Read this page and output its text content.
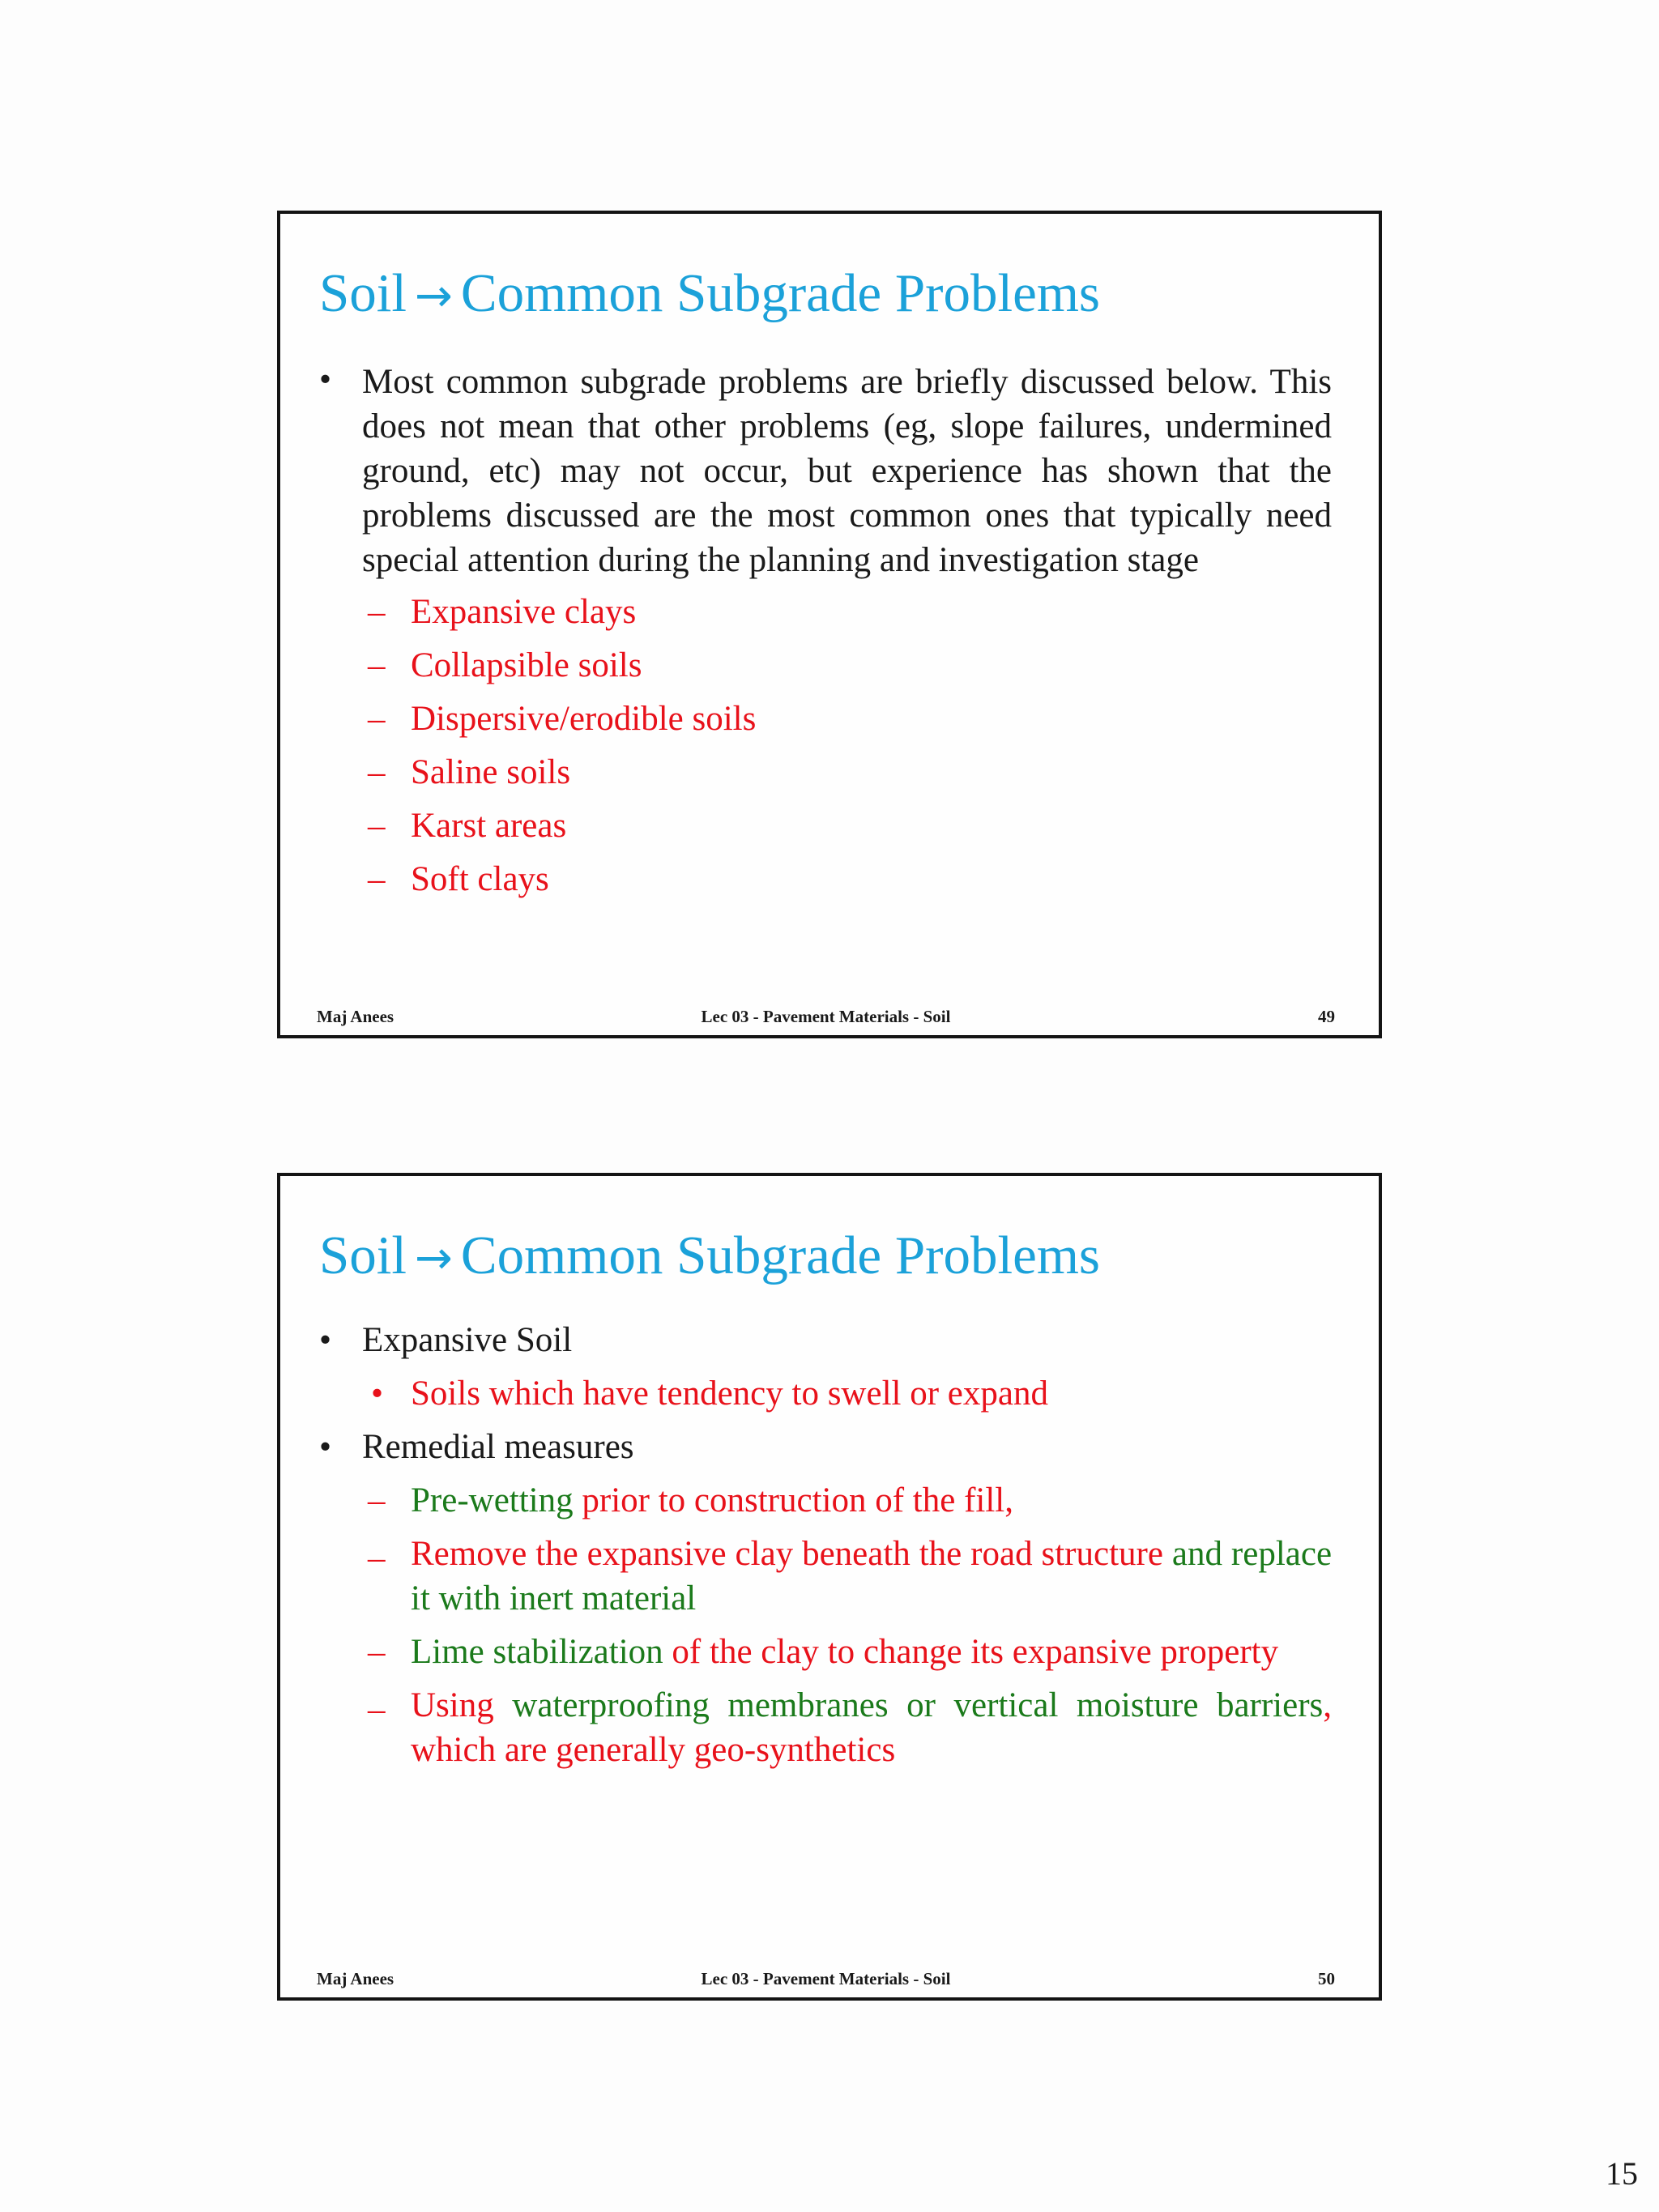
Soil → Common Subgrade Problems
• Most common subgrade problems are briefly discussed below. This does not mean that other problems (eg, slope failures, undermined ground, etc) may not occur, but experience has shown that the problems discussed are the most common ones that typically need special attention during the planning and investigation stage
– Expansive clays
– Collapsible soils
– Dispersive/erodible soils
– Saline soils
– Karst areas
– Soft clays
Maj Anees	Lec 03 - Pavement Materials - Soil	49
Soil → Common Subgrade Problems
• Expansive Soil
• Soils which have tendency to swell or expand
• Remedial measures
– Pre-wetting prior to construction of the fill,
– Remove the expansive clay beneath the road structure and replace it with inert material
– Lime stabilization of the clay to change its expansive property
– Using waterproofing membranes or vertical moisture barriers, which are generally geo-synthetics
Maj Anees	Lec 03 - Pavement Materials - Soil	50
15
